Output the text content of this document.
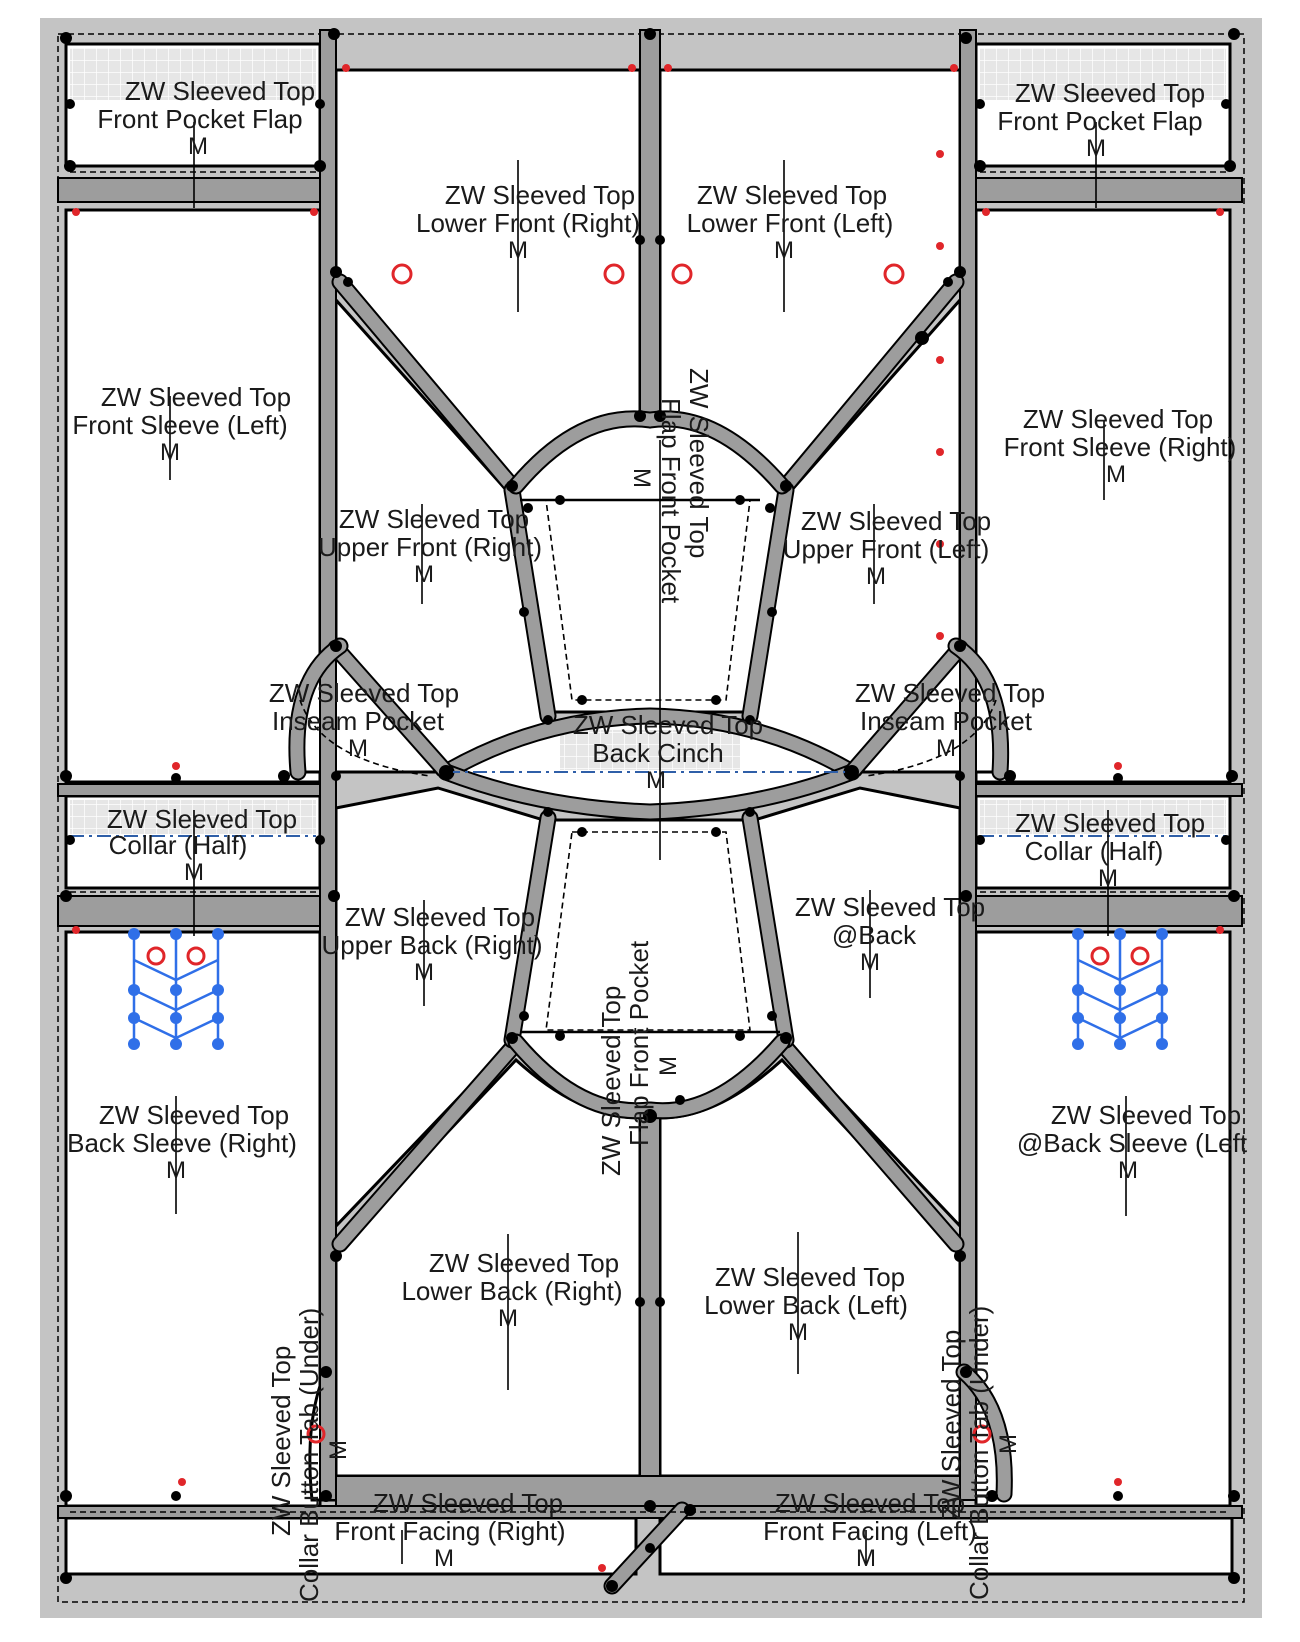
ZW Sleeved Top
Front Pocket Flap
M
ZW Sleeved Top
Front Pocket Flap
M
ZW Sleeved Top
Lower Front (Right)
M
ZW Sleeved Top
Lower Front (Left)
M
ZW Sleeved Top
Front Sleeve (Left)
M
ZW Sleeved Top
Front Sleeve (Right)
M
ZW Sleeved Top
Upper Front (Right)
M
ZW Sleeved Top
Upper Front (Left)
M
ZW Sleeved Top
Flap Front Pocket
M
ZW Sleeved Top
Inseam Pocket
M
ZW Sleeved Top
Inseam Pocket
M
ZW Sleeved Top
Back Cinch
M
ZW Sleeved Top
Collar (Half)
M
ZW Sleeved Top
Collar (Half)
M
ZW Sleeved Top
Upper Back (Right)
M
ZW Sleeved Top
@Back
M
ZW Sleeved Top
Flap Front Pocket M
ZW Sleeved Top
Back Sleeve (Right)
M
ZW Sleeved Top
@Back Sleeve (Left
M
ZW Sleeved Top
Lower Back (Right)
M
ZW Sleeved Top
Lower Back (Left)
M
ZW Sleeved Top
Collar Button Tab (Under) M	ZW Sleeved Top
Collar Button Tab (Under) M
ZW Sleeved Top
Front Facing (Right)
M
ZW Sleeved Top
Front Facing (Left)
M
